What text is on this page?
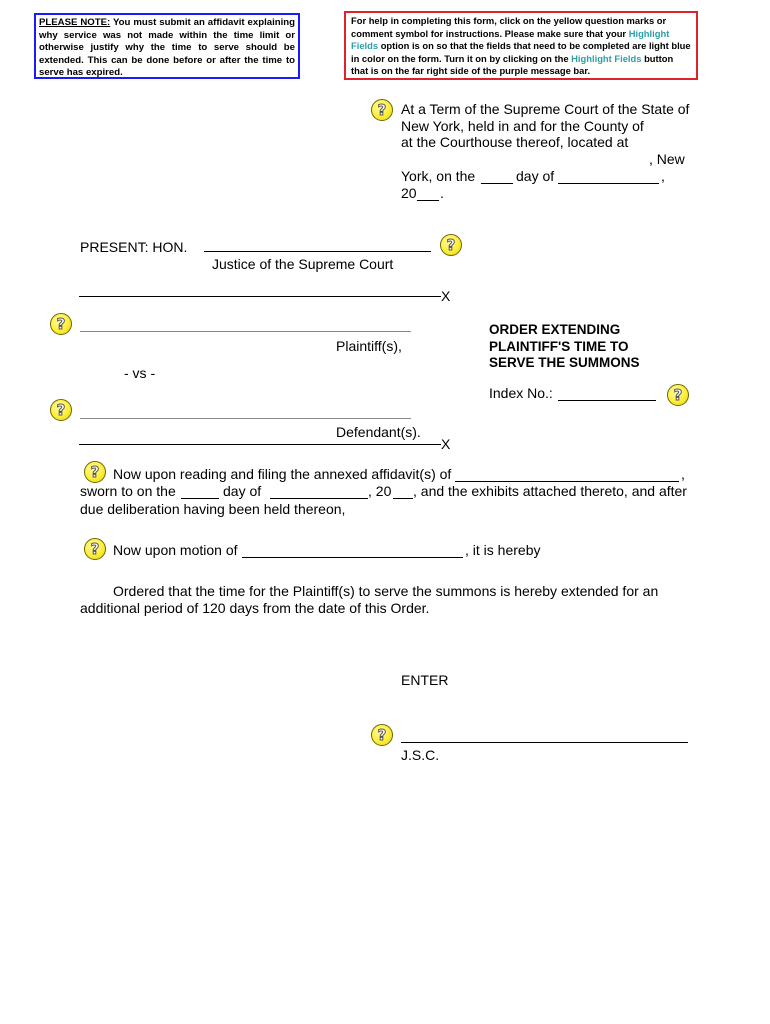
PLEASE NOTE: You must submit an affidavit explaining why service was not made within the time limit or otherwise justify why the time to serve should be extended. This can be done before or after the time to serve has expired.
For help in completing this form, click on the yellow question marks or comment symbol for instructions. Please make sure that your Highlight Fields option is on so that the fields that need to be completed are light blue in color on the form. Turn it on by clicking on the Highlight Fields button that is on the far right side of the purple message bar.
?	At a Term of the Supreme Court of the State of
New York, held in and for the County of
at the Courthouse thereof, located at
, New
York, on the	day of	,
20 .
PRESENT: HON.	?
Justice of the Supreme Court
X
?
Plaintiff(s),
- vs -
?
Defendant(s).
X
ORDER EXTENDING
PLAINTIFF'S TIME TO
SERVE THE SUMMONS
Index No.:	?
? Now upon reading and filing the annexed affidavit(s) of	,
sworn to on the	day of	, 20 , and the exhibits attached thereto, and after
due deliberation having been held thereon,
? Now upon motion of	, it is hereby
Ordered that the time for the Plaintiff(s) to serve the summons is hereby extended for an
additional period of 120 days from the date of this Order.
ENTER
?
J.S.C.
